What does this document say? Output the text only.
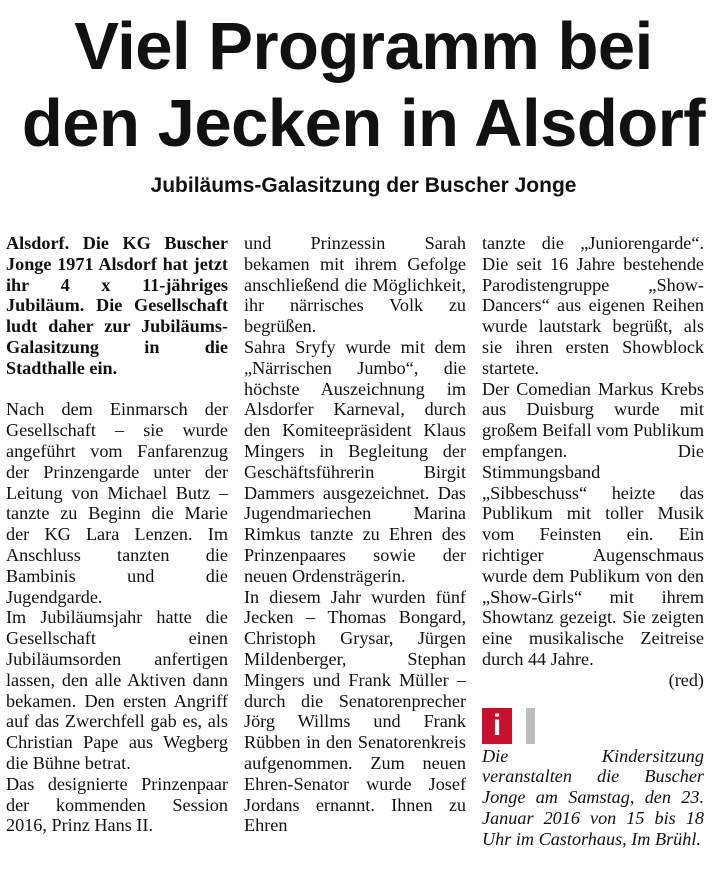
Viel Programm bei
den Jecken in Alsdorf
Jubiläums-Galasitzung der Buscher Jonge

Alsdorf. Die KG Buscher Jonge 1971 Alsdorf hat jetzt ihr 4 x 11-jähriges Jubiläum. Die Gesellschaft ludt daher zur Jubiläums-Galasitzung in die Stadthalle ein.

Nach dem Einmarsch der Gesellschaft – sie wurde angeführt vom Fanfarenzug der Prinzengarde unter der Leitung von Michael Butz – tanzte zu Beginn die Marie der KG Lara Lenzen. Im Anschluss tanzten die Bambinis und die Jugendgarde.

Im Jubiläumsjahr hatte die Gesellschaft einen Jubiläumsorden anfertigen lassen, den alle Aktiven dann bekamen. Den ersten Angriff auf das Zwerchfell gab es, als Christian Pape aus Wegberg die Bühne betrat.

Das designierte Prinzenpaar der kommenden Session 2016, Prinz Hans II.

und Prinzessin Sarah bekamen mit ihrem Gefolge anschließend die Möglichkeit, ihr närrisches Volk zu begrüßen.

Sahra Sryfy wurde mit dem „Närrischen Jumbo“, die höchste Auszeichnung im Alsdorfer Karneval, durch den Komiteepräsident Klaus Mingers in Begleitung der Geschäftsführerin Birgit Dammers ausgezeichnet. Das Jugendmariechen Marina Rimkus tanzte zu Ehren des Prinzenpaares sowie der neuen Ordensträgerin.

In diesem Jahr wurden fünf Jecken – Thomas Bongard, Christoph Grysar, Jürgen Mildenberger, Stephan Mingers und Frank Müller – durch die Senatorenprecher Jörg Willms und Frank Rübben in den Senatorenkreis aufgenommen. Zum neuen Ehren-Senator wurde Josef Jordans ernannt. Ihnen zu Ehren

tanzte die „Juniorengarde“. Die seit 16 Jahre bestehende Parodistengruppe „Show-Dancers“ aus eigenen Reihen wurde lautstark begrüßt, als sie ihren ersten Showblock startete.

Der Comedian Markus Krebs aus Duisburg wurde mit großem Beifall vom Publikum empfangen. Die Stimmungsband „Sibbeschuss“ heizte das Publikum mit toller Musik vom Feinsten ein. Ein richtiger Augenschmaus wurde dem Publikum von den „Show-Girls“ mit ihrem Showtanz gezeigt. Sie zeigten eine musikalische Zeitreise durch 44 Jahre.

(red)

i

Die Kindersitzung veranstalten die Buscher Jonge am Samstag, den 23. Januar 2016 von 15 bis 18 Uhr im Castorhaus, Im Brühl.
